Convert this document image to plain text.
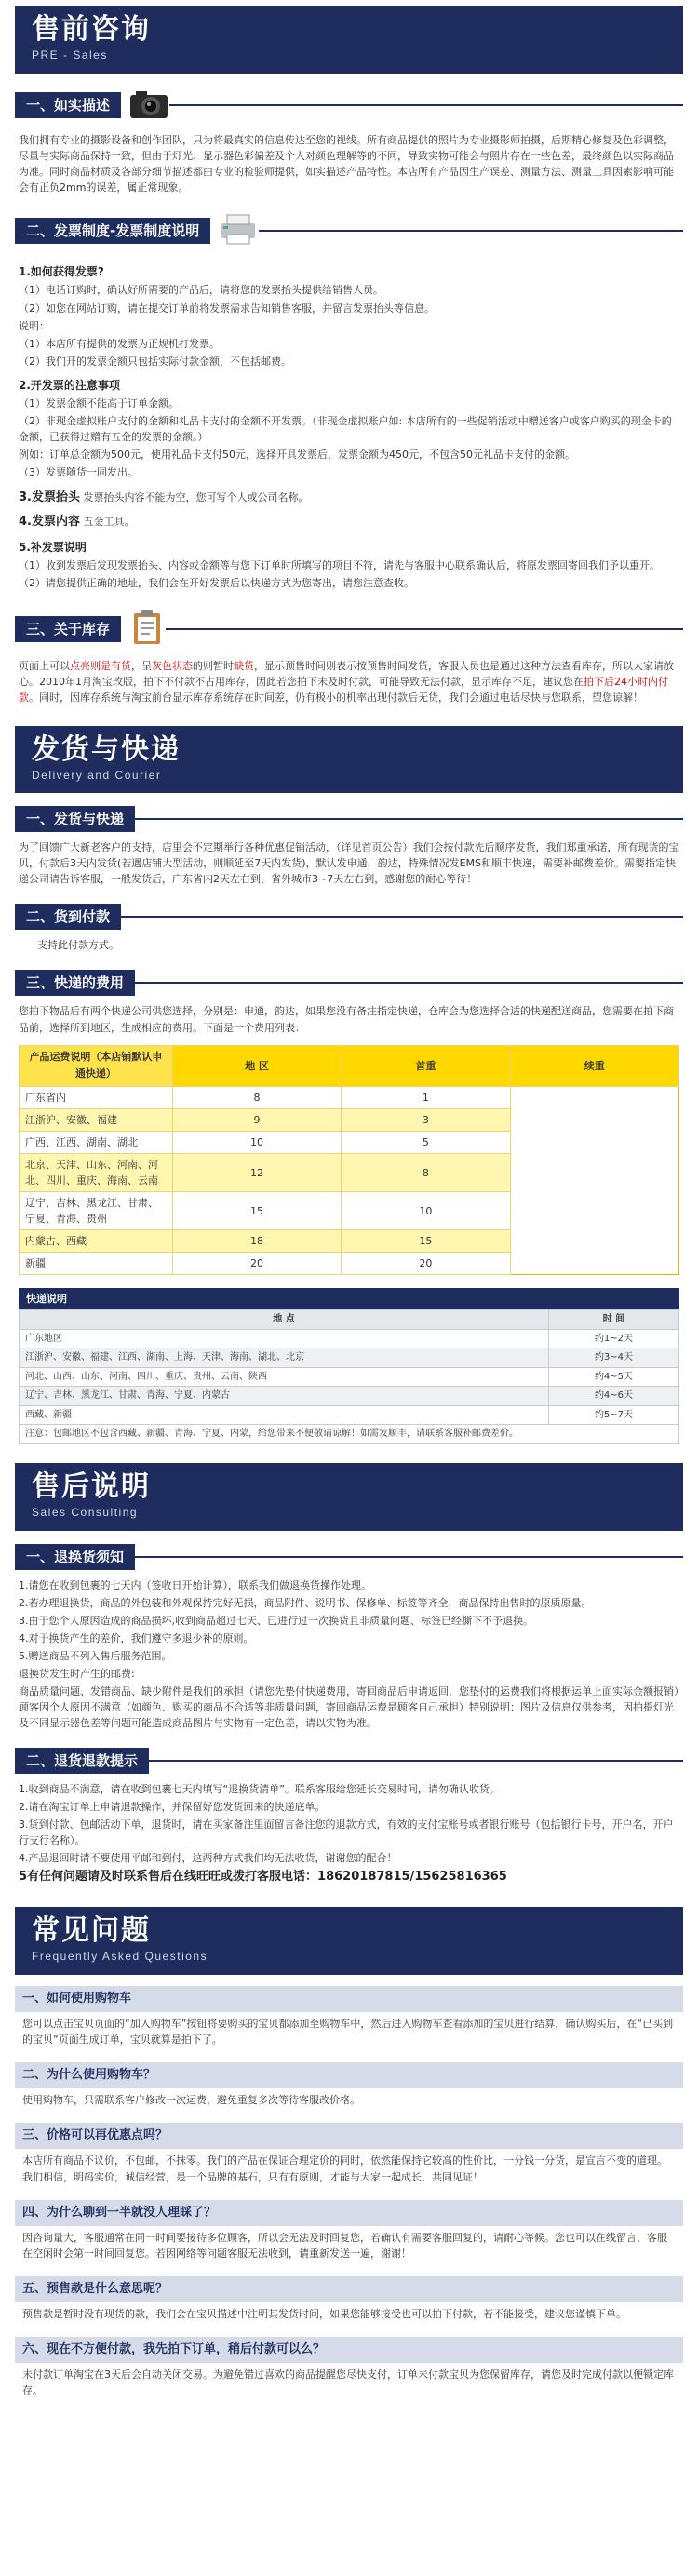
售前咨询
PRE - Sales
一、如实描述

我们拥有专业的摄影设备和创作团队，只为将最真实的信息传达至您的视线。所有商品提供的照片为专业摄影师拍摄，后期精心修复及色彩调整，尽量与实际商品保持一致，但由于灯光、显示器色彩偏差及个人对颜色理解等的不同，导致实物可能会与照片存在一些色差，最终颜色以实际商品为准。同时商品材质及各部分细节描述都由专业的检验师提供，如实描述产品特性。本店所有产品因生产误差、测量方法、测量工具因素影响可能会有正负2mm的误差，属正常现象。

二、发票制度-发票制度说明

1.如何获得发票?

（1）电话订购时，确认好所需要的产品后，请将您的发票抬头提供给销售人员。

（2）如您在网站订购，请在提交订单前将发票需求告知销售客服，并留言发票抬头等信息。

说明：

（1）本店所有提供的发票为正规机打发票。

（2）我们开的发票金额只包括实际付款金额，不包括邮费。

2.开发票的注意事项

（1）发票金额不能高于订单金额。

（2）非现金虚拟账户支付的金额和礼品卡支付的金额不开发票。（非现金虚拟账户如: 本店所有的一些促销活动中赠送客户或客户购买的现金卡的金额，已获得过赠有五金的发票的金额。）

例如：订单总金额为500元，使用礼品卡支付50元，选择开具发票后，发票金额为450元，不包含50元礼品卡支付的金额。

（3）发票随货一同发出。

3.发票抬头 发票抬头内容不能为空，您可写个人或公司名称。

4.发票内容 五金工具。

5.补发票说明

（1）收到发票后发现发票抬头、内容或金额等与您下订单时所填写的项目不符，请先与客服中心联系确认后，将原发票回寄回我们予以重开。

（2）请您提供正确的地址，我们会在开好发票后以快递方式为您寄出，请您注意查收。

三、关于库存

页面上可以点亮则是有货，呈灰色状态的则暂时缺货，显示预售时间则表示按预售时间发货，客服人员也是通过这种方法查看库存，所以大家请放心。2010年1月淘宝改版，拍下不付款不占用库存，因此若您拍下未及时付款，可能导致无法付款，显示库存不足，建议您在拍下后24小时内付款。同时，因库存系统与淘宝前台显示库存系统存在时间差，仍有极小的机率出现付款后无货，我们会通过电话尽快与您联系，望您谅解！

发货与快递
Delivery and Courier
一、发货与快递

为了回馈广大新老客户的支持，店里会不定期举行各种优惠促销活动，（详见首页公告）我们会按付款先后顺序发货，我们郑重承诺，所有现货的宝贝，付款后3天内发货(若遇店铺大型活动，则顺延至7天内发货)，默认发申通，韵达，特殊情况发EMS和顺丰快递，需要补邮费差价。需要指定快递公司请告诉客服，一般发货后，广东省内2天左右到，省外城市3~7天左右到，感谢您的耐心等待！

二、货到付款

支持此付款方式。

三、快递的费用

您拍下物品后有两个快递公司供您选择，分别是：申通，韵达，如果您没有备注指定快递，仓库会为您选择合适的快递配送商品，您需要在拍下商品前，选择所到地区，生成相应的费用。下面是一个费用列表：

产品运费说明（本店铺默认申通快递）	地 区	首重	续重
广东省内	8	1	
江浙沪、安徽、福建	9	3	
广西、江西、湖南、湖北	10	5	
北京、天津、山东、河南、河北、四川、重庆、海南、云南	12	8	
辽宁、吉林、黑龙江、甘肃、宁夏、青海、贵州	15	10	
内蒙古、西藏	18	15	
新疆	20	20	
快递说明
地 点	时 间
广东地区	约1~2天
江浙沪、安徽、福建、江西、湖南、上海、天津、海南、湖北、北京	约3~4天
河北、山西、山东、河南、四川、重庆、贵州、云南、陕西	约4~5天
辽宁、吉林、黑龙江、甘肃、青海、宁夏、内蒙古	约4~6天
西藏、新疆	约5~7天
注意：包邮地区不包含西藏、新疆、青海、宁夏、内蒙，给您带来不便敬请谅解！如需发顺丰，请联系客服补邮费差价。	
售后说明
Sales Consulting
一、退换货须知

1.请您在收到包裹的七天内（签收日开始计算），联系我们做退换货操作处理。

2.若办理退换货，商品的外包装和外观保持完好无损，商品附件、说明书、保修单、标签等齐全，商品保持出售时的原质原量。

3.由于您个人原因造成的商品损坏,收到商品超过七天、已进行过一次换货且非质量问题、标签已经撕下不予退换。

4.对于换货产生的差价，我们遵守多退少补的原则。

5.赠送商品不列入售后服务范围。

退换货发生时产生的邮费:

商品质量问题、发错商品、缺少附件是我们的承担（请您先垫付快递费用，寄回商品后申请返回，您垫付的运费我们将根据运单上面实际金额报销）顾客因个人原因不满意（如颜色、购买的商品不合适等非质量问题，寄回商品运费是顾客自己承担）特别说明：图片及信息仅供参考，因拍摄灯光及不同显示器色差等问题可能造成商品图片与实物有一定色差，请以实物为准。

二、退货退款提示

1.收到商品不满意，请在收到包裹七天内填写“退换货清单”。联系客服给您延长交易时间，请勿确认收货。

2.请在淘宝订单上申请退款操作，并保留好您发货回来的快递底单。

3.货到付款、包邮活动下单，退货时，请在买家备注里面留言备注您的退款方式，有效的支付宝账号或者银行账号（包括银行卡号，开户名，开户行支行名称）。

4.产品退回时请不要使用平邮和到付，这两种方式我们均无法收货，谢谢您的配合！

5有任何问题请及时联系售后在线旺旺或拨打客服电话：18620187815/15625816365

常见问题
Frequently Asked Questions
一、如何使用购物车
您可以点击宝贝页面的“加入购物车”按钮将要购买的宝贝都添加至购物车中，然后进入购物车查看添加的宝贝进行结算，确认购买后，在“已买到的宝贝”页面生成订单，宝贝就算是拍下了。
二、为什么使用购物车？
使用购物车，只需联系客户修改一次运费，避免重复多次等待客服改价格。
三、价格可以再优惠点吗？
本店所有商品不议价，不包邮，不抹零。我们的产品在保证合理定价的同时，依然能保持它较高的性价比，一分钱一分货，是宣言不变的道理。我们相信，明码实价，诚信经营，是一个品牌的基石，只有有原则，才能与大家一起成长，共同见证！
四、为什么聊到一半就没人理睬了？
因咨询量大，客服通常在同一时间要接待多位顾客，所以会无法及时回复您，若确认有需要客服回复的，请耐心等候。您也可以在线留言，客服在空闲时会第一时间回复您。若因网络等问题客服无法收到，请重新发送一遍，谢谢！
五、预售款是什么意思呢？
预售款是暂时没有现货的款，我们会在宝贝描述中注明其发货时间，如果您能够接受也可以拍下付款，若不能接受，建议您谨慎下单。
六、现在不方便付款，我先拍下订单，稍后付款可以么？
未付款订单淘宝在3天后会自动关闭交易。为避免错过喜欢的商品提醒您尽快支付，订单未付款宝贝为您保留库存，请您及时完成付款以便锁定库存。
